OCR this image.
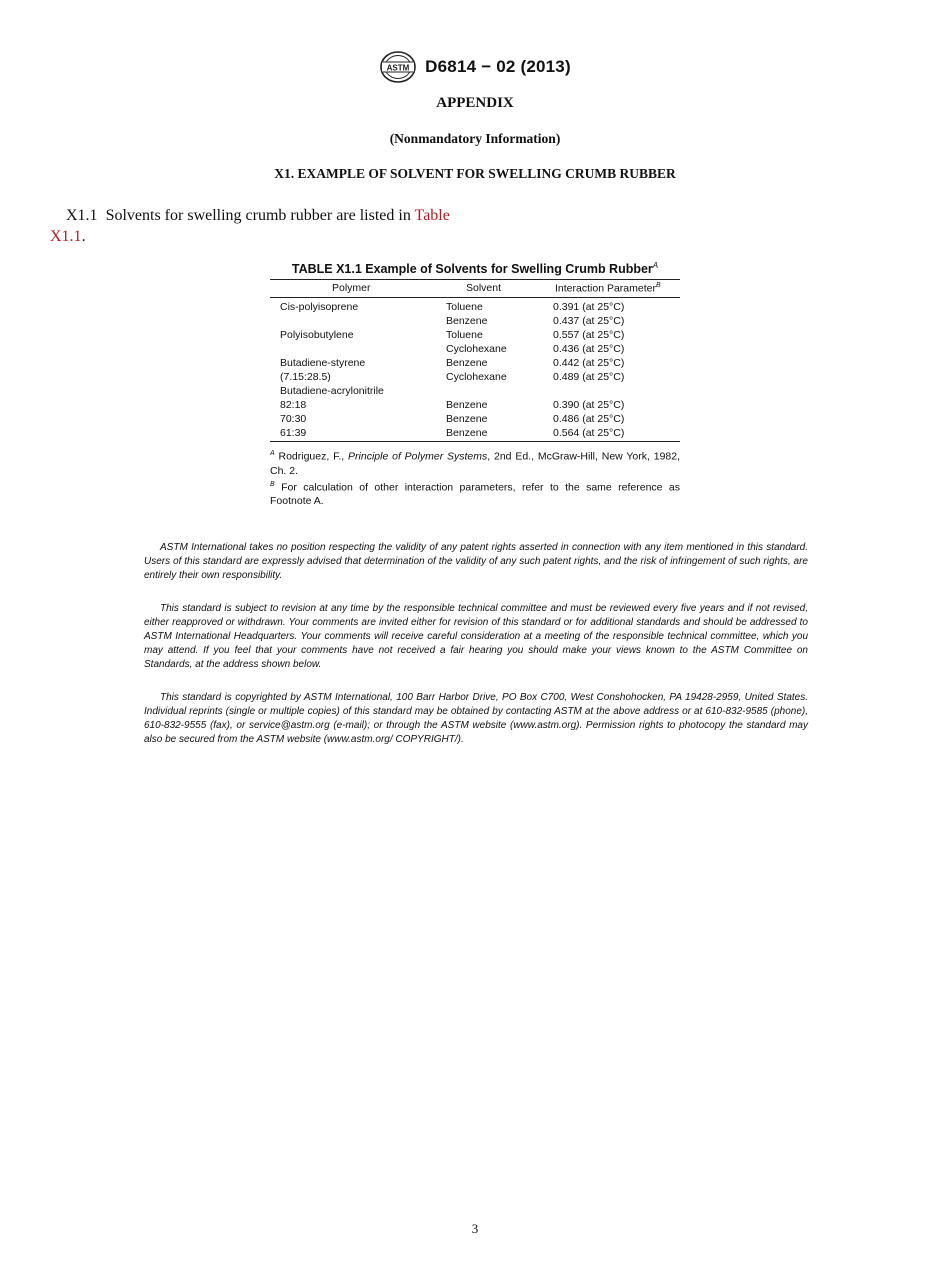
ASTM D6814 − 02 (2013)
APPENDIX
(Nonmandatory Information)
X1. EXAMPLE OF SOLVENT FOR SWELLING CRUMB RUBBER
X1.1 Solvents for swelling crumb rubber are listed in Table
X1.1.
TABLE X1.1 Example of Solvents for Swelling Crumb Rubber$^A$
Polymer	Solvent	Interaction Parameter$^B$
Cis-polyisoprene	Toluene	0.391 (at 25°C)
	Benzene	0.437 (at 25°C)
Polyisobutylene	Toluene	0.557 (at 25°C)
	Cyclohexane	0.436 (at 25°C)
Butadiene-styrene	Benzene	0.442 (at 25°C)
(7.15:28.5)	Cyclohexane	0.489 (at 25°C)
Butadiene-acrylonitrile		
82:18	Benzene	0.390 (at 25°C)
70:30	Benzene	0.486 (at 25°C)
61:39	Benzene	0.564 (at 25°C)

$^A$ Rodriguez, F., Principle of Polymer Systems, 2nd Ed., McGraw-Hill, New York, 1982, Ch. 2.

$^B$ For calculation of other interaction parameters, refer to the same reference as Footnote A.

ASTM International takes no position respecting the validity of any patent rights asserted in connection with any item mentioned in this standard. Users of this standard are expressly advised that determination of the validity of any such patent rights, and the risk of infringement of such rights, are entirely their own responsibility.

This standard is subject to revision at any time by the responsible technical committee and must be reviewed every five years and if not revised, either reapproved or withdrawn. Your comments are invited either for revision of this standard or for additional standards and should be addressed to ASTM International Headquarters. Your comments will receive careful consideration at a meeting of the responsible technical committee, which you may attend. If you feel that your comments have not received a fair hearing you should make your views known to the ASTM Committee on Standards, at the address shown below.

This standard is copyrighted by ASTM International, 100 Barr Harbor Drive, PO Box C700, West Conshohocken, PA 19428-2959, United States. Individual reprints (single or multiple copies) of this standard may be obtained by contacting ASTM at the above address or at 610-832-9585 (phone), 610-832-9555 (fax), or service@astm.org (e-mail); or through the ASTM website (www.astm.org). Permission rights to photocopy the standard may also be secured from the ASTM website (www.astm.org/ COPYRIGHT/).

3
